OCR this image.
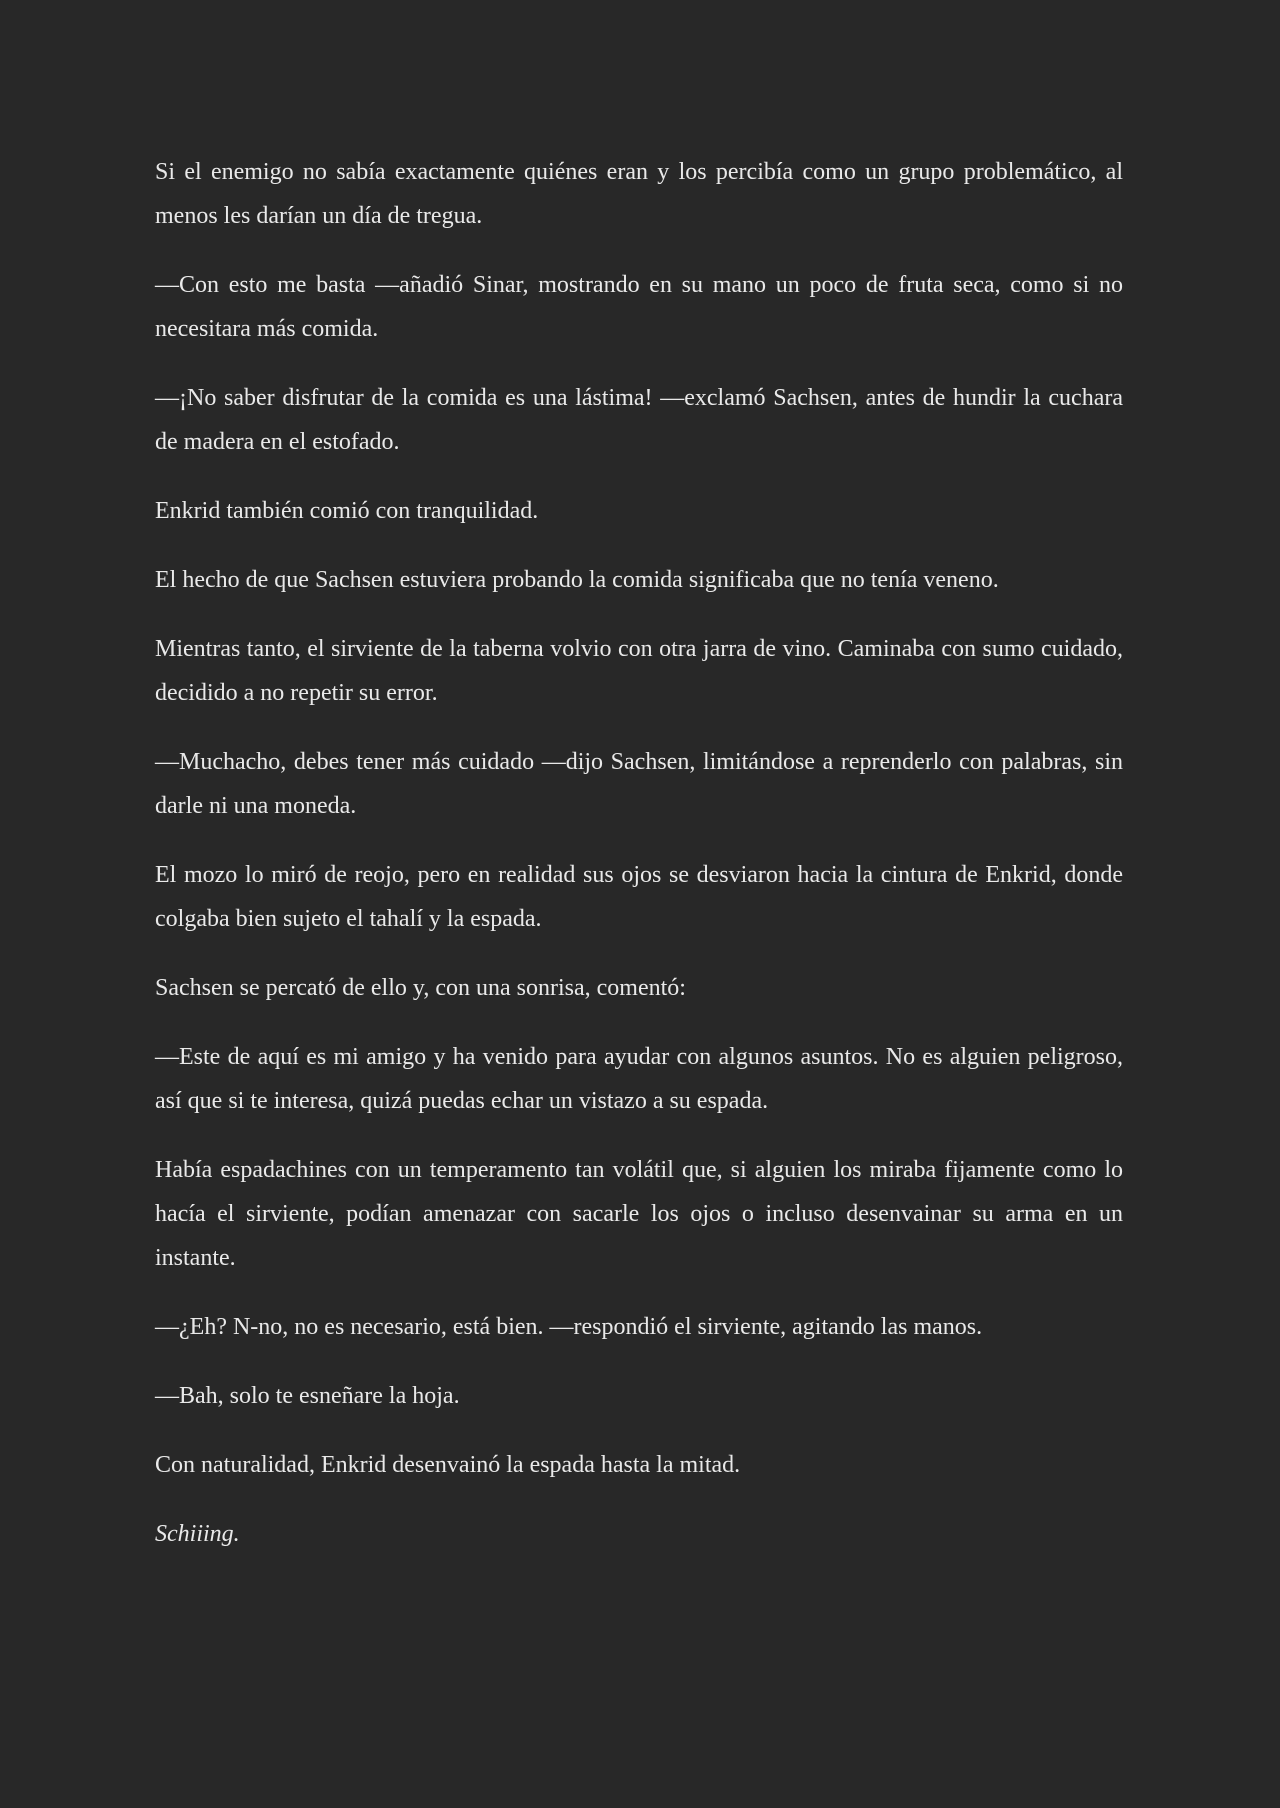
Si el enemigo no sabía exactamente quiénes eran y los percibía como un grupo problemático, al menos les darían un día de tregua.

—Con esto me basta —añadió Sinar, mostrando en su mano un poco de fruta seca, como si no necesitara más comida.

—¡No saber disfrutar de la comida es una lástima! —exclamó Sachsen, antes de hundir la cuchara de madera en el estofado.

Enkrid también comió con tranquilidad.

El hecho de que Sachsen estuviera probando la comida significaba que no tenía veneno.

Mientras tanto, el sirviente de la taberna volvio con otra jarra de vino. Caminaba con sumo cuidado, decidido a no repetir su error.

—Muchacho, debes tener más cuidado —dijo Sachsen, limitándose a reprenderlo con palabras, sin darle ni una moneda.

El mozo lo miró de reojo, pero en realidad sus ojos se desviaron hacia la cintura de Enkrid, donde colgaba bien sujeto el tahalí y la espada.

Sachsen se percató de ello y, con una sonrisa, comentó:

—Este de aquí es mi amigo y ha venido para ayudar con algunos asuntos. No es alguien peligroso, así que si te interesa, quizá puedas echar un vistazo a su espada.

Había espadachines con un temperamento tan volátil que, si alguien los miraba fijamente como lo hacía el sirviente, podían amenazar con sacarle los ojos o incluso desenvainar su arma en un instante.

—¿Eh? N-no, no es necesario, está bien. —respondió el sirviente, agitando las manos.

—Bah, solo te esneñare la hoja.

Con naturalidad, Enkrid desenvainó la espada hasta la mitad.

Schiiing.
